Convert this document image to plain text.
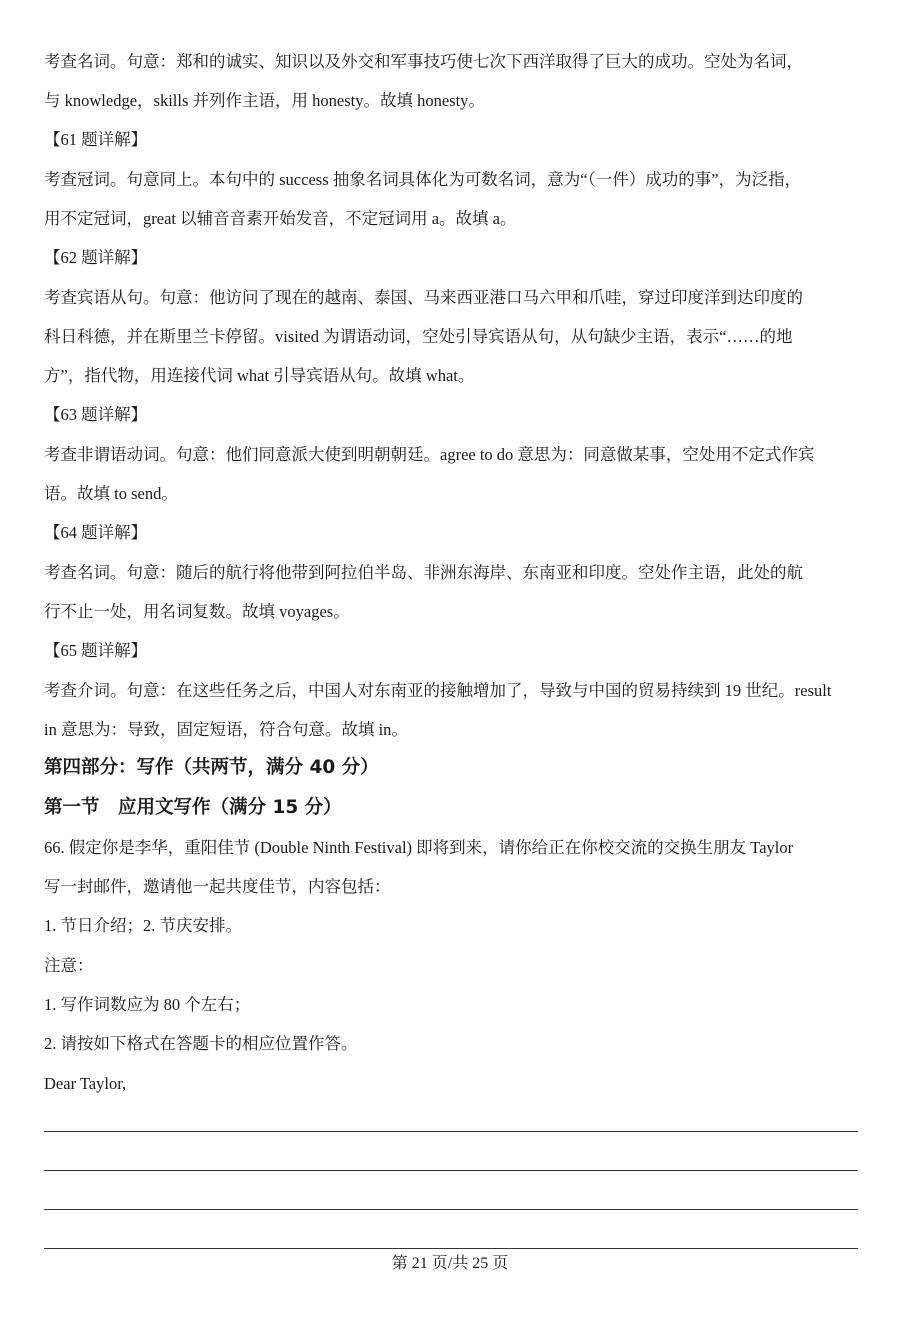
考查名词。句意：郑和的诚实、知识以及外交和军事技巧使七次下西洋取得了巨大的成功。空处为名词，
与 knowledge，skills 并列作主语，用 honesty。故填 honesty。
【61 题详解】
考查冠词。句意同上。本句中的 success 抽象名词具体化为可数名词，意为“（一件）成功的事”，为泛指，
用不定冠词，great 以辅音音素开始发音，不定冠词用 a。故填 a。
【62 题详解】
考查宾语从句。句意：他访问了现在的越南、泰国、马来西亚港口马六甲和爪哇，穿过印度洋到达印度的
科日科德，并在斯里兰卡停留。visited 为谓语动词，空处引导宾语从句，从句缺少主语，表示“……的地
方”，指代物，用连接代词 what 引导宾语从句。故填 what。
【63 题详解】
考查非谓语动词。句意：他们同意派大使到明朝朝廷。agree to do 意思为：同意做某事，空处用不定式作宾
语。故填 to send。
【64 题详解】
考查名词。句意：随后的航行将他带到阿拉伯半岛、非洲东海岸、东南亚和印度。空处作主语，此处的航
行不止一处，用名词复数。故填 voyages。
【65 题详解】
考查介词。句意：在这些任务之后，中国人对东南亚的接触增加了，导致与中国的贸易持续到 19 世纪。result
in 意思为：导致，固定短语，符合句意。故填 in。
第四部分：写作（共两节，满分 40 分）
第一节　应用文写作（满分 15 分）
66. 假定你是李华，重阳佳节 (Double Ninth Festival) 即将到来，请你给正在你校交流的交换生朋友 Taylor
写一封邮件，邀请他一起共度佳节，内容包括：
1. 节日介绍；2. 节庆安排。
注意：
1. 写作词数应为 80 个左右；
2. 请按如下格式在答题卡的相应位置作答。
Dear Taylor,
第 21 页/共 25 页
